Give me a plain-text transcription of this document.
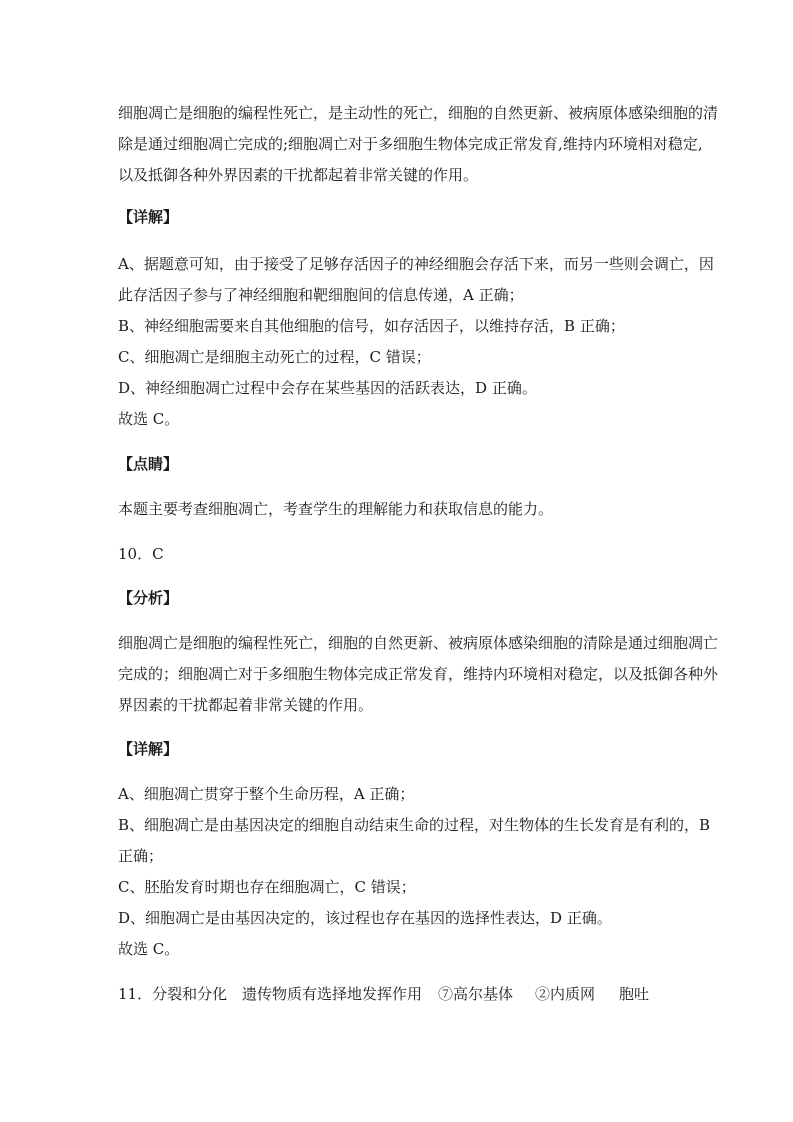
细胞凋亡是细胞的编程性死亡，是主动性的死亡，细胞的自然更新、被病原体感染细胞的清
除是通过细胞凋亡完成的;细胞凋亡对于多细胞生物体完成正常发育,维持内环境相对稳定,
以及抵御各种外界因素的干扰都起着非常关键的作用。
【详解】
A、据题意可知，由于接受了足够存活因子的神经细胞会存活下来，而另一些则会调亡，因
此存活因子参与了神经细胞和靶细胞间的信息传递，A 正确；
B、神经细胞需要来自其他细胞的信号，如存活因子，以维持存活，B 正确；
C、细胞凋亡是细胞主动死亡的过程，C 错误；
D、神经细胞凋亡过程中会存在某些基因的活跃表达，D 正确。
故选 C。
【点睛】
本题主要考查细胞凋亡，考查学生的理解能力和获取信息的能力。
10．C
【分析】
细胞凋亡是细胞的编程性死亡，细胞的自然更新、被病原体感染细胞的清除是通过细胞凋亡
完成的；细胞凋亡对于多细胞生物体完成正常发育，维持内环境相对稳定，以及抵御各种外
界因素的干扰都起着非常关键的作用。
【详解】
A、细胞凋亡贯穿于整个生命历程，A 正确；
B、细胞凋亡是由基因决定的细胞自动结束生命的过程，对生物体的生长发育是有利的，B
正确；
C、胚胎发育时期也存在细胞凋亡，C 错误；
D、细胞凋亡是由基因决定的，该过程也存在基因的选择性表达，D 正确。
故选 C。
11．分裂和分化 遗传物质有选择地发挥作用 ⑦高尔基体 ②内质网 胞吐
